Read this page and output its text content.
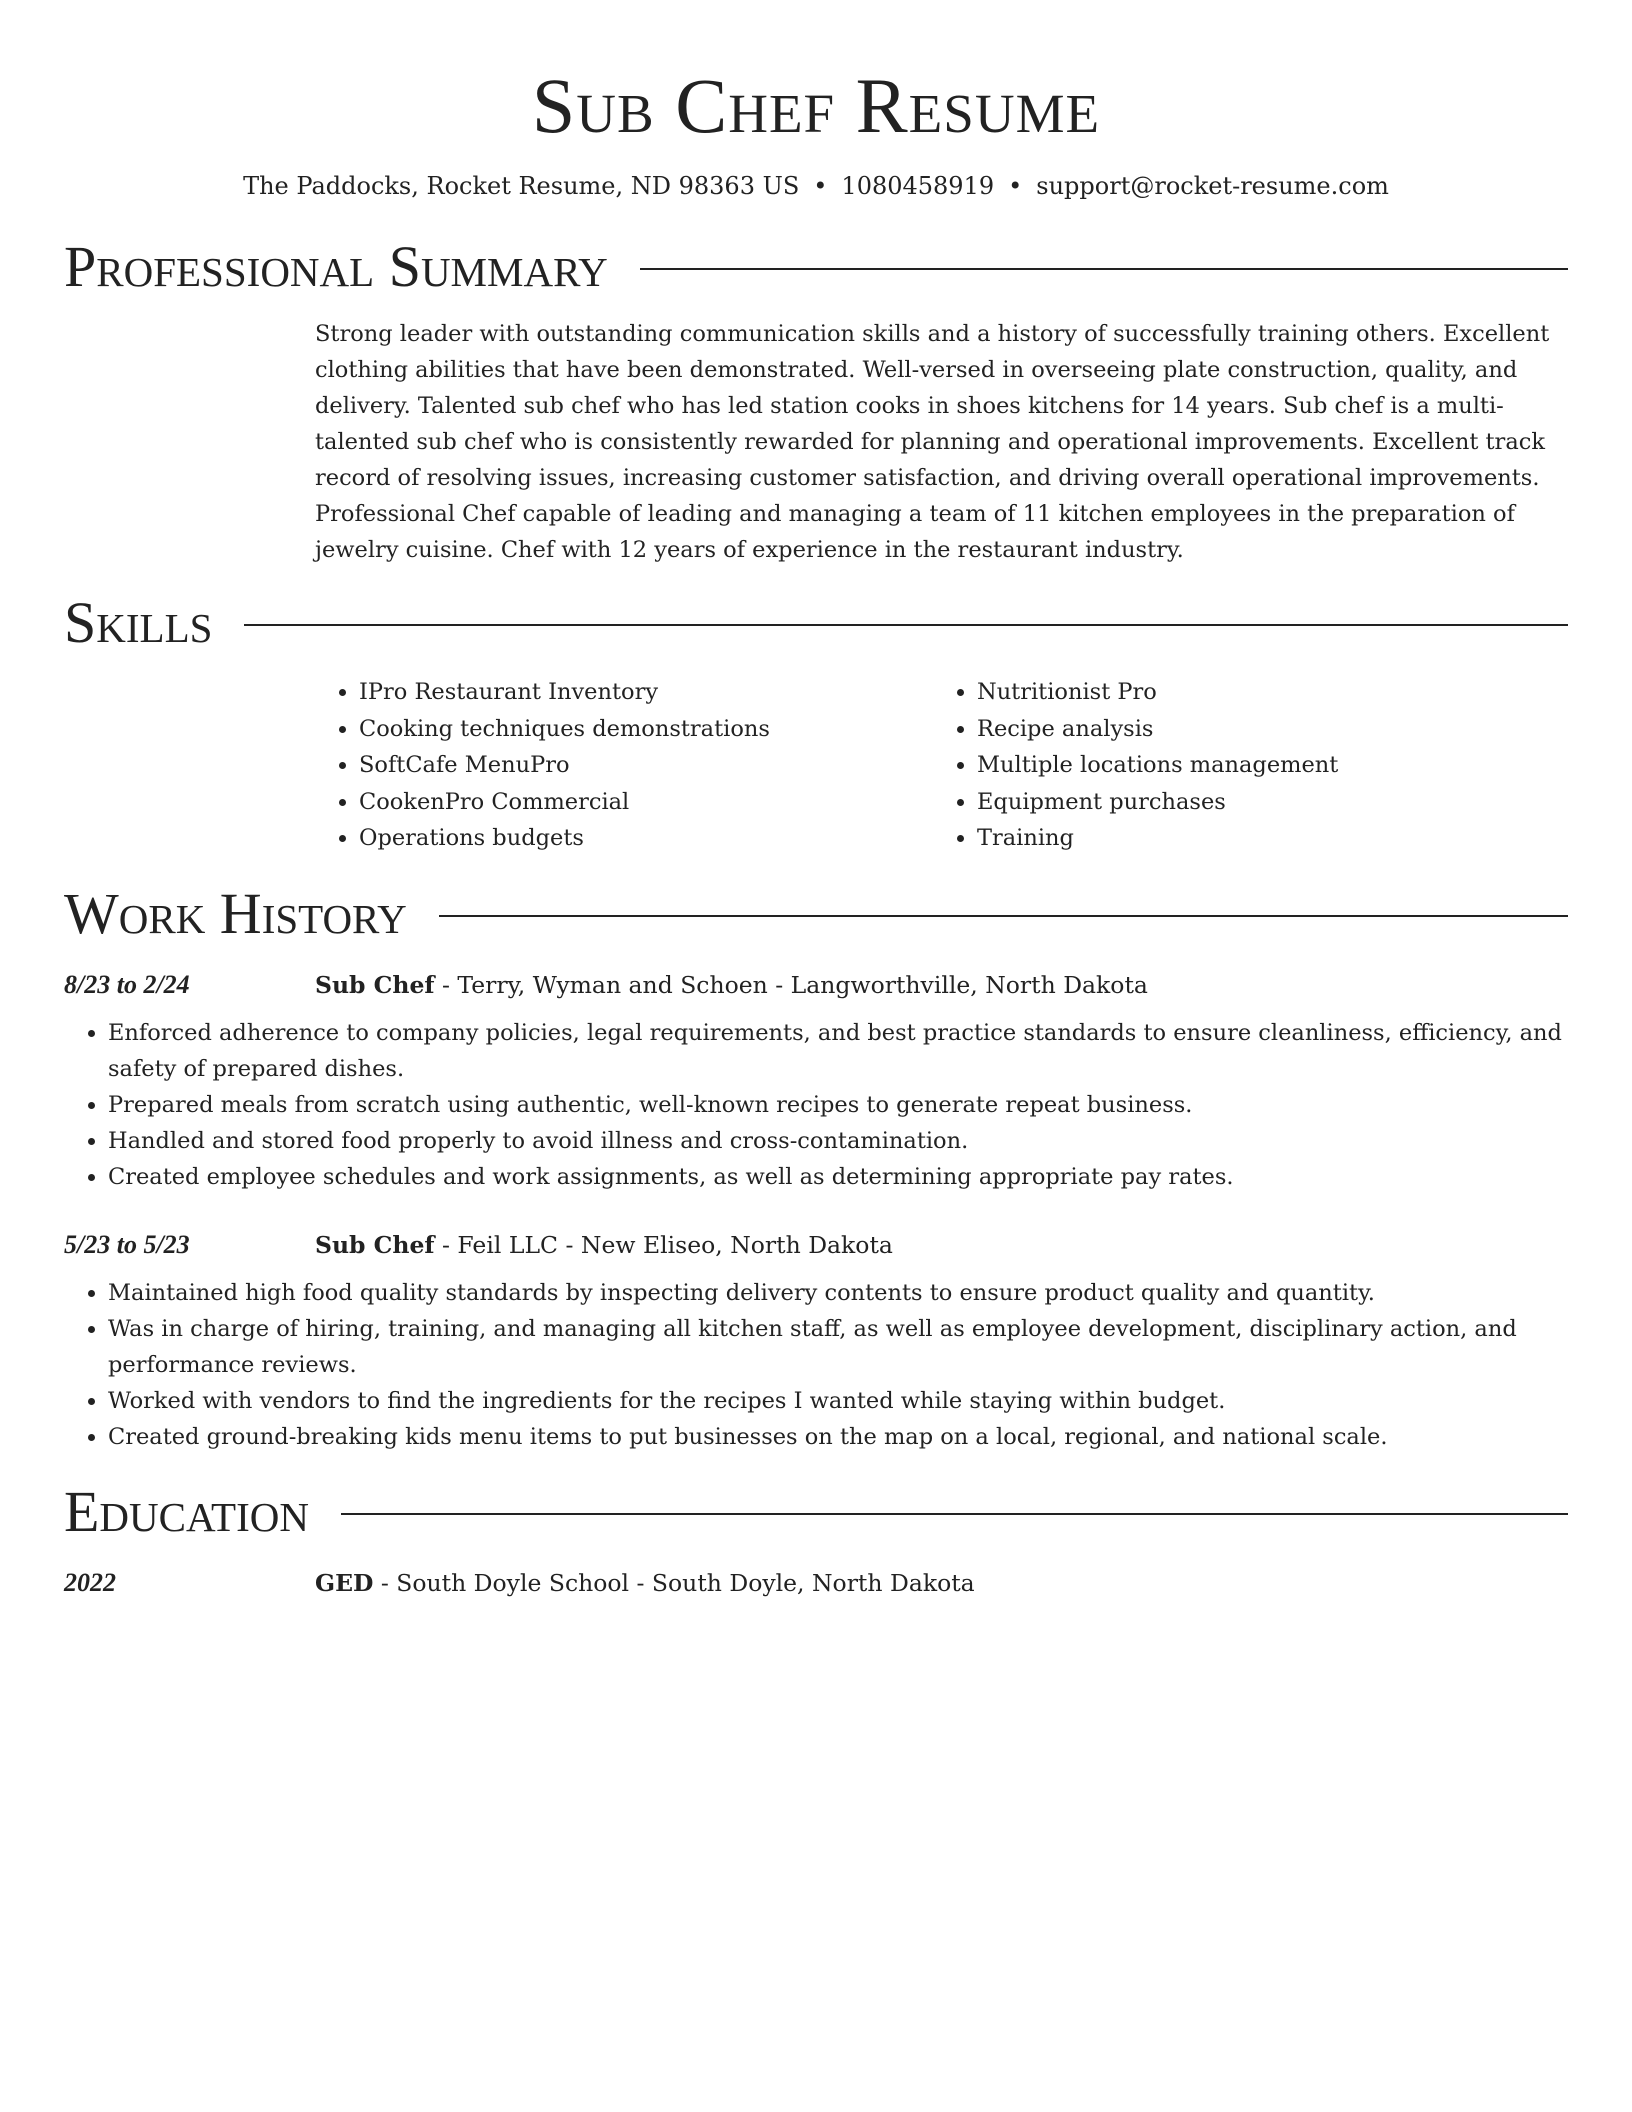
Sub Chef Resume
The Paddocks, Rocket Resume, ND 98363 US • 1080458919 • support@rocket-resume.com
Professional Summary
Strong leader with outstanding communication skills and a history of successfully training others. Excellent clothing abilities that have been demonstrated. Well-versed in overseeing plate construction, quality, and delivery. Talented sub chef who has led station cooks in shoes kitchens for 14 years. Sub chef is a multi-talented sub chef who is consistently rewarded for planning and operational improvements. Excellent track record of resolving issues, increasing customer satisfaction, and driving overall operational improvements. Professional Chef capable of leading and managing a team of 11 kitchen employees in the preparation of jewelry cuisine. Chef with 12 years of experience in the restaurant industry.
Skills
• IPro Restaurant Inventory
• Cooking techniques demonstrations
• SoftCafe MenuPro
• CookenPro Commercial
• Operations budgets
• Nutritionist Pro
• Recipe analysis
• Multiple locations management
• Equipment purchases
• Training
Work History
8/23 to 2/24	Sub Chef - Terry, Wyman and Schoen - Langworthville, North Dakota
• Enforced adherence to company policies, legal requirements, and best practice standards to ensure cleanliness, efficiency, and safety of prepared dishes.
• Prepared meals from scratch using authentic, well-known recipes to generate repeat business.
• Handled and stored food properly to avoid illness and cross-contamination.
• Created employee schedules and work assignments, as well as determining appropriate pay rates.
5/23 to 5/23	Sub Chef - Feil LLC - New Eliseo, North Dakota
• Maintained high food quality standards by inspecting delivery contents to ensure product quality and quantity.
• Was in charge of hiring, training, and managing all kitchen staff, as well as employee development, disciplinary action, and performance reviews.
• Worked with vendors to find the ingredients for the recipes I wanted while staying within budget.
• Created ground-breaking kids menu items to put businesses on the map on a local, regional, and national scale.
Education
2022	GED - South Doyle School - South Doyle, North Dakota
